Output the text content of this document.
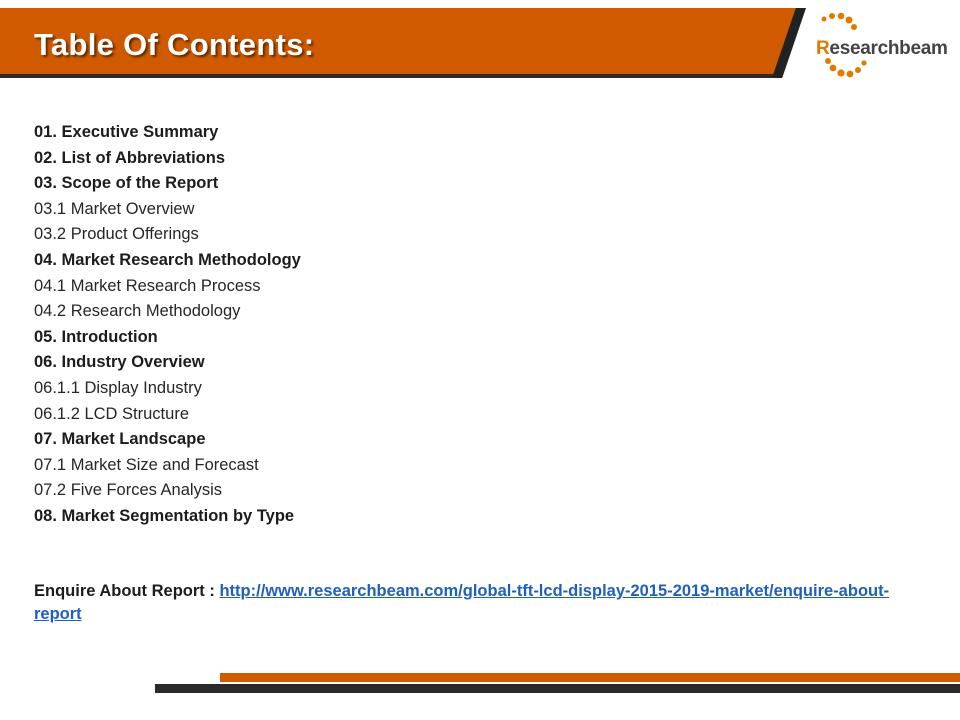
Table Of Contents:	Researchbeam
01. Executive Summary
02. List of Abbreviations
03. Scope of the Report
03.1 Market Overview
03.2 Product Offerings
04. Market Research Methodology
04.1 Market Research Process
04.2 Research Methodology
05. Introduction
06. Industry Overview
06.1.1 Display Industry
06.1.2 LCD Structure
07. Market Landscape
07.1 Market Size and Forecast
07.2 Five Forces Analysis
08. Market Segmentation by Type
Enquire About Report : http://www.researchbeam.com/global-tft-lcd-display-2015-2019-market/enquire-about-report
